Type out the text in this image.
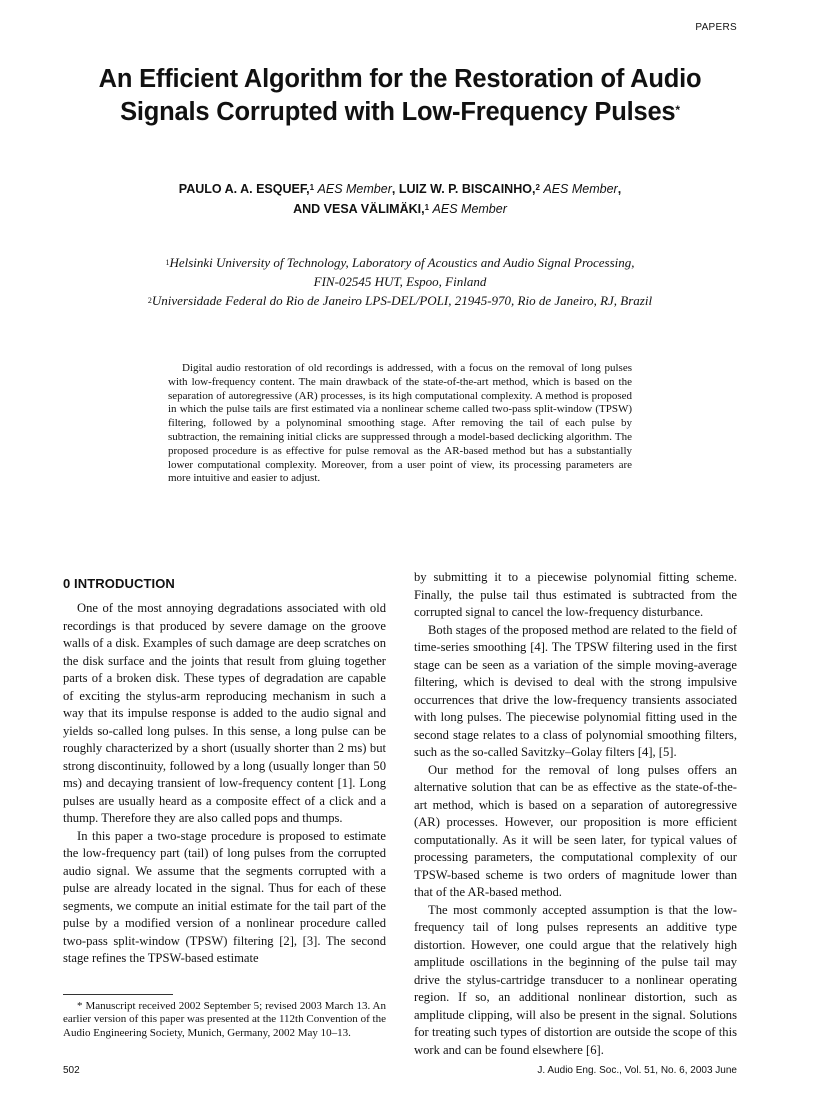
PAPERS
An Efficient Algorithm for the Restoration of Audio
Signals Corrupted with Low-Frequency Pulses*
PAULO A. A. ESQUEF,$^1$ AES Member, LUIZ W. P. BISCAINHO,$^2$ AES Member,
AND VESA VÄLIMÄKI,$^1$ AES Member
$^1$Helsinki University of Technology, Laboratory of Acoustics and Audio Signal Processing,
FIN-02545 HUT, Espoo, Finland
$^2$Universidade Federal do Rio de Janeiro LPS-DEL/POLI, 21945-970, Rio de Janeiro, RJ, Brazil

Digital audio restoration of old recordings is addressed, with a focus on the removal of long pulses with low-frequency content. The main drawback of the state-of-the-art method, which is based on the separation of autoregressive (AR) processes, is its high computational complexity. A method is proposed in which the pulse tails are first estimated via a nonlinear scheme called two-pass split-window (TPSW) filtering, followed by a polynominal smoothing stage. After removing the tail of each pulse by subtraction, the remaining initial clicks are suppressed through a model-based declicking algorithm. The proposed procedure is as effective for pulse removal as the AR-based method but has a substantially lower computational complexity. Moreover, from a user point of view, its processing parameters are more intuitive and easier to adjust.

0 INTRODUCTION

One of the most annoying degradations associated with old recordings is that produced by severe damage on the groove walls of a disk. Examples of such damage are deep scratches on the disk surface and the joints that result from gluing together parts of a broken disk. These types of degradation are capable of exciting the stylus-arm reproducing mechanism in such a way that its impulse response is added to the audio signal and yields so-called long pulses. In this sense, a long pulse can be roughly characterized by a short (usually shorter than 2 ms) but strong discontinuity, followed by a long (usually longer than 50 ms) and decaying transient of low-frequency content [1]. Long pulses are usually heard as a composite effect of a click and a thump. Therefore they are also called pops and thumps.

In this paper a two-stage procedure is proposed to estimate the low-frequency part (tail) of long pulses from the corrupted audio signal. We assume that the segments corrupted with a pulse are already located in the signal. Thus for each of these segments, we compute an initial estimate for the tail part of the pulse by a modified version of a nonlinear procedure called two-pass split-window (TPSW) filtering [2], [3]. The second stage refines the TPSW-based estimate

by submitting it to a piecewise polynomial fitting scheme. Finally, the pulse tail thus estimated is subtracted from the corrupted signal to cancel the low-frequency disturbance.

Both stages of the proposed method are related to the field of time-series smoothing [4]. The TPSW filtering used in the first stage can be seen as a variation of the simple moving-average filtering, which is devised to deal with the strong impulsive occurrences that drive the low-frequency transients associated with long pulses. The piecewise polynomial fitting used in the second stage relates to a class of polynomial smoothing filters, such as the so-called Savitzky–Golay filters [4], [5].

Our method for the removal of long pulses offers an alternative solution that can be as effective as the state-of-the-art method, which is based on a separation of autoregressive (AR) processes. However, our proposition is more efficient computationally. As it will be seen later, for typical values of processing parameters, the computational complexity of our TPSW-based scheme is two orders of magnitude lower than that of the AR-based method.

The most commonly accepted assumption is that the low-frequency tail of long pulses represents an additive type distortion. However, one could argue that the relatively high amplitude oscillations in the beginning of the pulse tail may drive the stylus-cartridge transducer to a nonlinear operating region. If so, an additional nonlinear distortion, such as amplitude clipping, will also be present in the signal. Solutions for treating such types of distortion are outside the scope of this work and can be found elsewhere [6].

* Manuscript received 2002 September 5; revised 2003 March 13. An earlier version of this paper was presented at the 112th Convention of the Audio Engineering Society, Munich, Germany, 2002 May 10–13.

502	J. Audio Eng. Soc., Vol. 51, No. 6, 2003 June
